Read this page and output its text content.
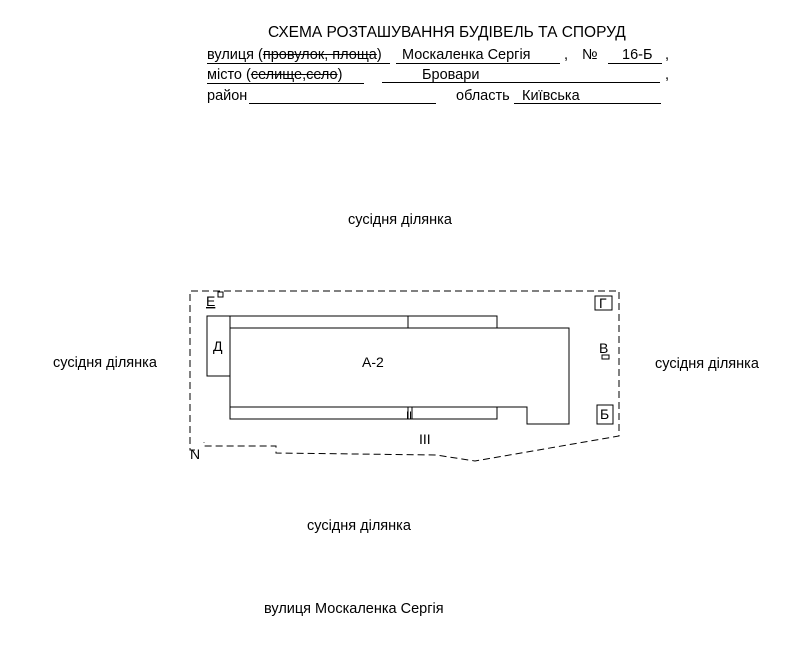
СХЕМА РОЗТАШУВАННЯ БУДІВЕЛЬ ТА СПОРУД
вулиця (провулок, площа) Москаленка Сергія , № 16-Б ,
місто (селище,село)	Бровари	,
район	область Київська
сусідня ділянка
сусідня ділянка	сусідня ділянка
сусідня ділянка
вулиця Москаленка Сергія
А-2
Д
Е	Г
В
Б
ІІ
ІІІ
N
